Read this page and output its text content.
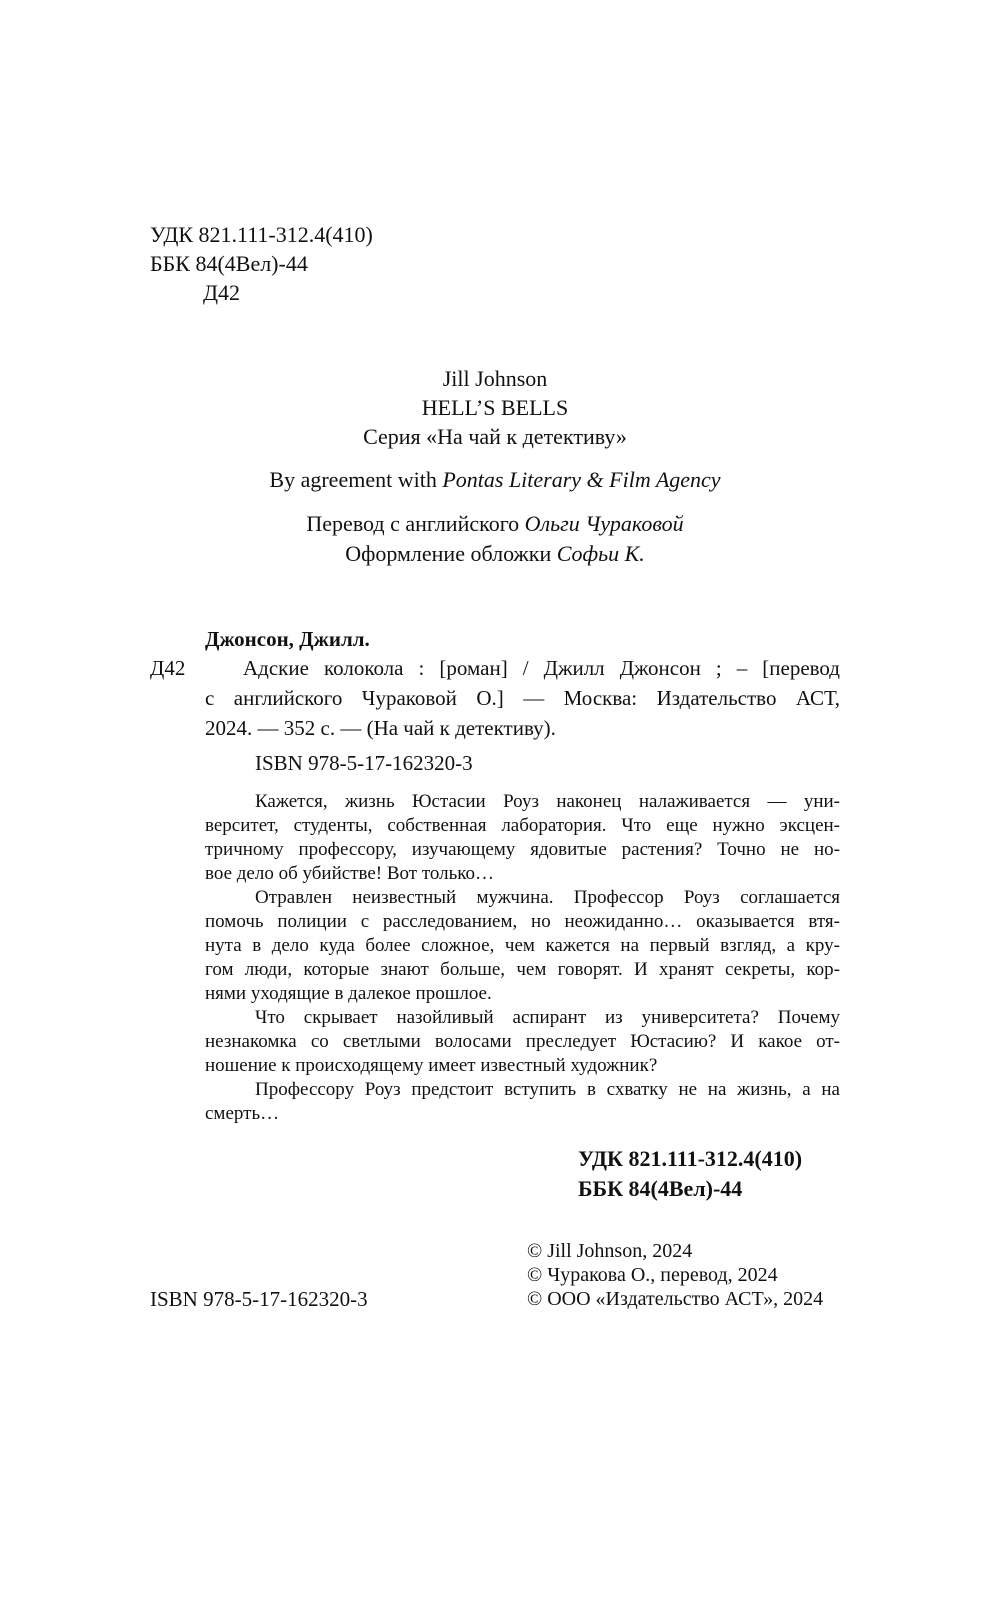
УДК 821.111-312.4(410)
ББК 84(4Вел)-44
Д42
Jill Johnson
HELL’S BELLS
Серия «На чай к детективу»
By agreement with Pontas Literary & Film Agency
Перевод с английского Ольги Чураковой
Оформление обложки Софьи К.
Джонсон, Джилл.
Д42	Адские колокола : [роман] / Джилл Джонсон ; – [перевод
с английского Чураковой О.] — Москва: Издательство АСТ,
2024. — 352 с. — (На чай к детективу).
ISBN 978-5-17-162320-3
Кажется, жизнь Юстасии Роуз наконец налаживается — уни-
верситет, студенты, собственная лаборатория. Что еще нужно эксцен-
тричному профессору, изучающему ядовитые растения? Точно не но-
вое дело об убийстве! Вот только…
Отравлен неизвестный мужчина. Профессор Роуз соглашается
помочь полиции с расследованием, но неожиданно… оказывается втя-
нута в дело куда более сложное, чем кажется на первый взгляд, а кру-
гом люди, которые знают больше, чем говорят. И хранят секреты, кор-
нями уходящие в далекое прошлое.
Что скрывает назойливый аспирант из университета? Почему
незнакомка со светлыми волосами преследует Юстасию? И какое от-
ношение к происходящему имеет известный художник?
Профессору Роуз предстоит вступить в схватку не на жизнь, а на
смерть…
УДК 821.111-312.4(410)
ББК 84(4Вел)-44
© Jill Johnson, 2024
© Чуракова О., перевод, 2024
© ООО «Издательство АСТ», 2024
ISBN 978-5-17-162320-3
